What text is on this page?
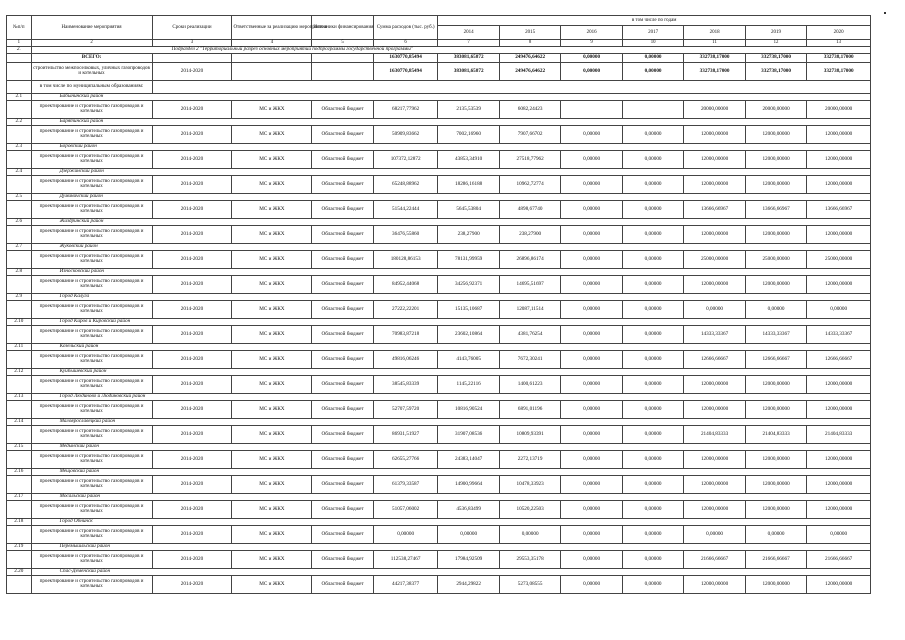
№п/п	Наименование мероприятия	Сроки реализации	Ответственные за реализацию мероприятия	Источники финансирования	Сумма расходов (тыс. руб.)	в том числе по годам						
						2014	2015	2016	2017	2018	2019	2020
1	2	3	4	5	6	7	8	9	10	11	12	13
2.	Подраздел 2 "Территориальный разрез основных мероприятий подпрограммы государственной программы"											
	ВСЕГО:				1630770,85494	383081,65872	249476,64622	0,00000	0,00000	332738,17000	332738,17000	332738,17000
	строительство межпоселковых, уличных газопроводов и котельных	2014-2020			1630770,85494	383081,65872	249476,64622	0,00000	0,00000	332738,17000	332738,17000	332738,17000
	в том числе по муниципальным образованиям:											
2.1	Бабынинский район											
	проектирование и строительство газопроводов и котельных	2014-2020	МС и ЖКХ	Областной бюджет	68217,77962	2135,53539	6082,24423			20000,00000	20000,00000	20000,00000
2.2	Барятинский район											
	проектирование и строительство газопроводов и котельных	2014-2020	МС и ЖКХ	Областной бюджет	50909,83662	7002,16960	7907,66702	0,00000	0,00000	12000,00000	12000,00000	12000,00000
2.3	Боровский район											
	проектирование и строительство газопроводов и котельных	2014-2020	МС и ЖКХ	Областной бюджет	107372,12872	43853,34910	27518,77962	0,00000	0,00000	12000,00000	12000,00000	12000,00000
2.4	Дзержинский район											
	проектирование и строительство газопроводов и котельных	2014-2020	МС и ЖКХ	Областной бюджет	65248,88962	18286,16188	10962,72774	0,00000	0,00000	12000,00000	12000,00000	12000,00000
2.5	Думиничский район											
	проектирование и строительство газопроводов и котельных	2014-2020	МС и ЖКХ	Областной бюджет	51544,22444	5645,53804	4898,67740	0,00000	0,00000	13666,66967	13666,66967	13666,66967
2.6	Жиздринский район											
	проектирование и строительство газопроводов и котельных	2014-2020	МС и ЖКХ	Областной бюджет	36476,55860	238,27900	238,27900	0,00000	0,00000	12000,00000	12000,00000	12000,00000
2.7	Жуковский район											
	проектирование и строительство газопроводов и котельных	2014-2020	МС и ЖКХ	Областной бюджет	180128,86153	78131,99959	26896,86174	0,00000	0,00000	25000,00000	25000,00000	25000,00000
2.8	Износковский район											
	проектирование и строительство газопроводов и котельных	2014-2020	МС и ЖКХ	Областной бюджет	84952,44068	34256,92371	14695,51697	0,00000	0,00000	12000,00000	12000,00000	12000,00000
2.9	Город Калуга											
	проектирование и строительство газопроводов и котельных	2014-2020	МС и ЖКХ	Областной бюджет	27222,22201	15135,10687	12087,11514	0,00000	0,00000	0,00000	0,00000	0,00000
2.10	Город Киров и Кировский район											
	проектирование и строительство газопроводов и котельных	2014-2020	МС и ЖКХ	Областной бюджет	70983,87218	23602,10864	4381,76254	0,00000	0,00000	14333,33367	14333,33367	14333,33367
2.11	Козельский район											
	проектирование и строительство газопроводов и котельных	2014-2020	МС и ЖКХ	Областной бюджет	49816,06246	4143,76005	7672,30241	0,00000	0,00000	12666,66667	12666,66667	12666,66667
2.12	Куйбышевский район											
	проектирование и строительство газопроводов и котельных	2014-2020	МС и ЖКХ	Областной бюджет	38545,83339	1145,22116	1400,61223	0,00000	0,00000	12000,00000	12000,00000	12000,00000
2.13	Город Людиново и Людиновский район											
	проектирование и строительство газопроводов и котельных	2014-2020	МС и ЖКХ	Областной бюджет	52707,59720	10816,90524	6891,01196	0,00000	0,00000	12000,00000	12000,00000	12000,00000
2.14	Малоярославецкий район											
	проектирование и строительство газопроводов и котельных	2014-2020	МС и ЖКХ	Областной бюджет	86931,51927	31907,08536	10809,93391	0,00000	0,00000	21404,83333	21404,83333	21404,83333
2.15	Медынский район											
	проектирование и строительство газопроводов и котельных	2014-2020	МС и ЖКХ	Областной бюджет	62655,27766	24383,14047	2272,13719	0,00000	0,00000	12000,00000	12000,00000	12000,00000
2.16	Мещовский район											
	проектирование и строительство газопроводов и котельных	2014-2020	МС и ЖКХ	Областной бюджет	61379,33587	14900,99664	10478,33923	0,00000	0,00000	12000,00000	12000,00000	12000,00000
2.17	Мосальский район											
	проектирование и строительство газопроводов и котельных	2014-2020	МС и ЖКХ	Областной бюджет	51057,06002	4536,83499	10520,22503	0,00000	0,00000	12000,00000	12000,00000	12000,00000
2.18	Город Обнинск											
	проектирование и строительство газопроводов и котельных	2014-2020	МС и ЖКХ	Областной бюджет	0,00000	0,00000	0,00000	0,00000	0,00000	0,00000	0,00000	0,00000
2.19	Перемышльский район											
	проектирование и строительство газопроводов и котельных	2014-2020	МС и ЖКХ	Областной бюджет	112538,27467	17984,92509	29553,35178	0,00000	0,00000	21666,66667	21666,66667	21666,66667
2.20	Спас-Деменский район											
	проектирование и строительство газопроводов и котельных	2014-2020	МС и ЖКХ	Областной бюджет	44217,38377	2944,29822	5273,08555	0,00000	0,00000	12000,00000	12000,00000	12000,00000
